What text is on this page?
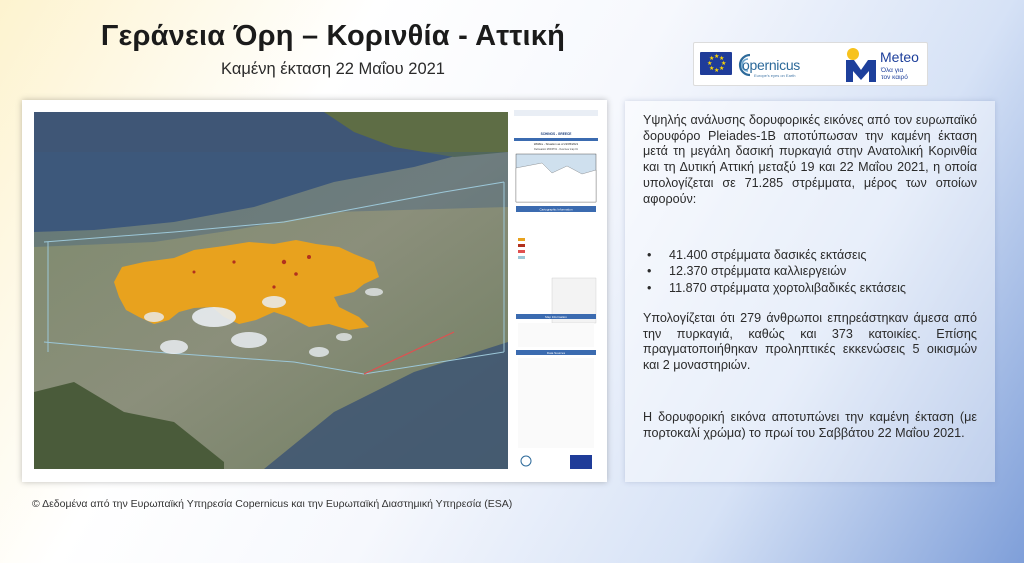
Γεράνεια Όρη – Κορινθία - Αττική
Καμένη έκταση 22 Μαΐου 2021
★ ★
★
★
★
★
★
★ opernicus
Europe's eyes on Earth
Meteo
Όλα για
τον καιρό
SCHINOS - GREECE
Wildfire - Situation as of 22/05/2021
Delineation MONIT01 - Overview map 01
Cartographic Information
Map Information
Data Sources

Υψηλής ανάλυσης δορυφορικές εικόνες από τον ευρωπαϊκό δορυφόρο Pleiades-1B αποτύπωσαν την καμένη έκταση μετά τη μεγάλη δασική πυρκαγιά στην Ανατολική Κορινθία και τη Δυτική Αττική μεταξύ 19 και 22 Μαΐου 2021, η οποία υπολογίζεται σε 71.285 στρέμματα, μέρος των οποίων αφορούν:

• 41.400 στρέμματα δασικές εκτάσεις
• 12.370 στρέμματα καλλιεργειών
• 11.870 στρέμματα χορτολιβαδικές εκτάσεις

Υπολογίζεται ότι 279 άνθρωποι επηρεάστηκαν άμεσα από την πυρκαγιά, καθώς και 373 κατοικίες. Επίσης πραγματοποιήθηκαν προληπτικές εκκενώσεις 5 οικισμών και 2 μοναστηριών.

Η δορυφορική εικόνα αποτυπώνει την καμένη έκταση (με πορτοκαλί χρώμα) το πρωί του Σαββάτου 22 Μαΐου 2021.

© Δεδομένα από την Ευρωπαϊκή Υπηρεσία Copernicus και την Ευρωπαϊκή Διαστημική Υπηρεσία (ESA)
